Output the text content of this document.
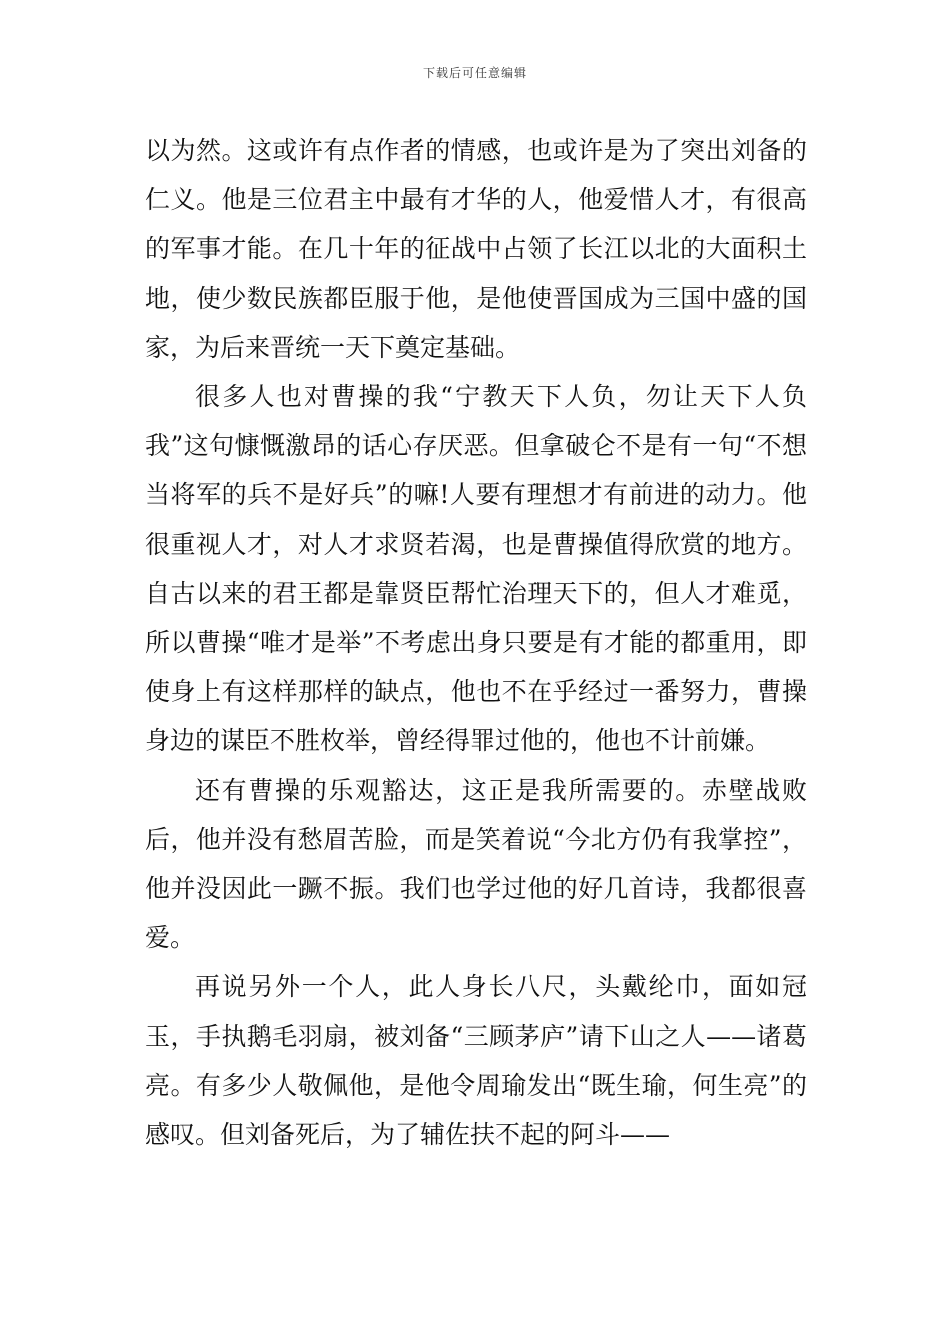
下载后可任意编辑

以为然。这或许有点作者的情感，也或许是为了突出刘备的仁义。他是三位君主中最有才华的人，他爱惜人才，有很高的军事才能。在几十年的征战中占领了长江以北的大面积土地，使少数民族都臣服于他，是他使晋国成为三国中盛的国家，为后来晋统一天下奠定基础。

很多人也对曹操的我“宁教天下人负，勿让天下人负我”这句慷慨激昂的话心存厌恶。但拿破仑不是有一句“不想当将军的兵不是好兵”的嘛!人要有理想才有前进的动力。他很重视人才，对人才求贤若渴，也是曹操值得欣赏的地方。自古以来的君王都是靠贤臣帮忙治理天下的，但人才难觅，所以曹操“唯才是举”不考虑出身只要是有才能的都重用，即使身上有这样那样的缺点，他也不在乎经过一番努力，曹操身边的谋臣不胜枚举，曾经得罪过他的，他也不计前嫌。

还有曹操的乐观豁达，这正是我所需要的。赤壁战败后，他并没有愁眉苦脸，而是笑着说“今北方仍有我掌控”，他并没因此一蹶不振。我们也学过他的好几首诗，我都很喜爱。

再说另外一个人，此人身长八尺，头戴纶巾，面如冠玉，手执鹅毛羽扇，被刘备“三顾茅庐”请下山之人——诸葛亮。有多少人敬佩他，是他令周瑜发出“既生瑜，何生亮”的感叹。但刘备死后，为了辅佐扶不起的阿斗——
